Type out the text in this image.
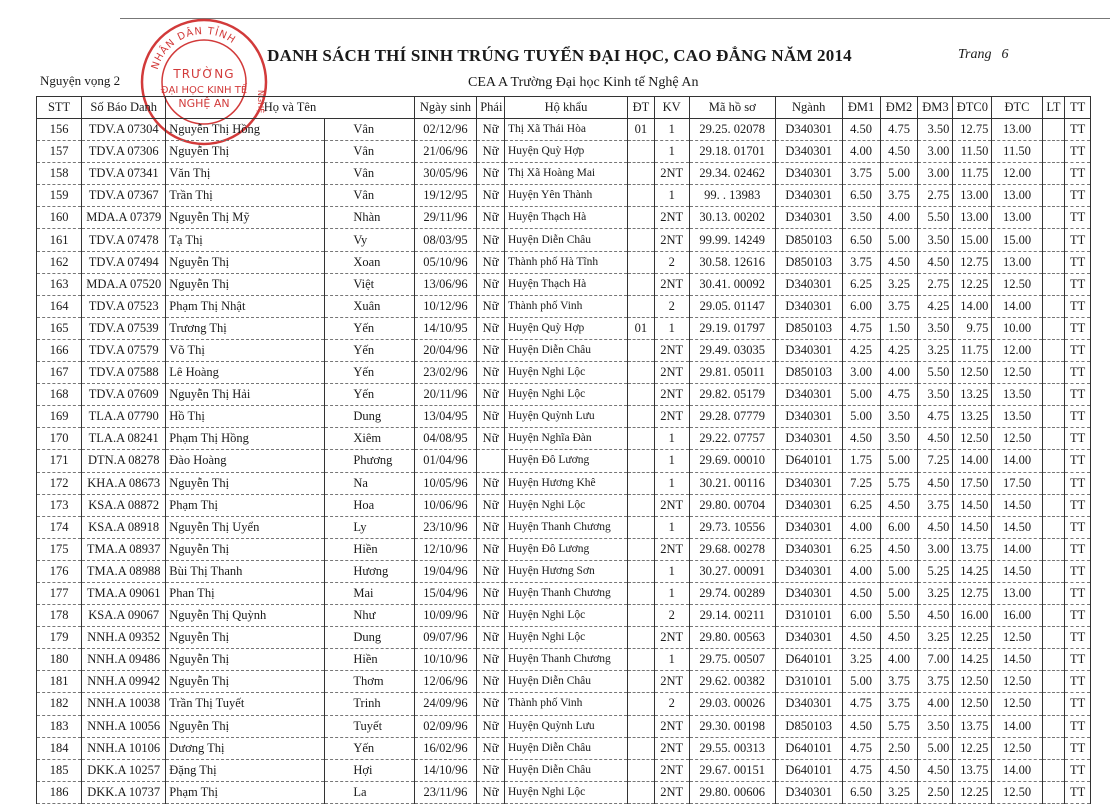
DANH SÁCH THÍ SINH TRÚNG TUYỂN ĐẠI HỌC, CAO ĐẲNG NĂM 2014	Trang 6
Nguyện vọng 2	CEA A Trường Đại học Kinh tế Nghệ An
NHÂN DÂN TỈNH
TRƯỜNG
ĐẠI HỌC KINH TẾ
NGHỆ AN	NGHỆ
STT	Số Báo Danh	Họ và Tên		Ngày sinh	Phái	Hộ khẩu	ĐT	KV	Mã hồ sơ	Ngành	ĐM1	ĐM2	ĐM3	ĐTC0	ĐTC	LT	TT
156	TDV.A 07304	Nguyễn Thị Hồng	Vân	02/12/96	Nữ	Thị Xã Thái Hòa	01	1	29.25. 02078	D340301	4.50	4.75	3.50	12.75	13.00		TT
157	TDV.A 07306	Nguyễn Thị	Vân	21/06/96	Nữ	Huyện Quỳ Hợp		1	29.18. 01701	D340301	4.00	4.50	3.00	11.50	11.50		TT
158	TDV.A 07341	Văn Thị	Vân	30/05/96	Nữ	Thị Xã Hoàng Mai		2NT	29.34. 02462	D340301	3.75	5.00	3.00	11.75	12.00		TT
159	TDV.A 07367	Trần Thị	Vân	19/12/95	Nữ	Huyện Yên Thành		1	99. . 13983	D340301	6.50	3.75	2.75	13.00	13.00		TT
160	MDA.A 07379	Nguyễn Thị Mỹ	Nhàn	29/11/96	Nữ	Huyện Thạch Hà		2NT	30.13. 00202	D340301	3.50	4.00	5.50	13.00	13.00		TT
161	TDV.A 07478	Tạ Thị	Vy	08/03/95	Nữ	Huyện Diễn Châu		2NT	99.99. 14249	D850103	6.50	5.00	3.50	15.00	15.00		TT
162	TDV.A 07494	Nguyễn Thị	Xoan	05/10/96	Nữ	Thành phố Hà Tĩnh		2	30.58. 12616	D850103	3.75	4.50	4.50	12.75	13.00		TT
163	MDA.A 07520	Nguyễn Thị	Việt	13/06/96	Nữ	Huyện Thạch Hà		2NT	30.41. 00092	D340301	6.25	3.25	2.75	12.25	12.50		TT
164	TDV.A 07523	Phạm Thị Nhật	Xuân	10/12/96	Nữ	Thành phố Vinh		2	29.05. 01147	D340301	6.00	3.75	4.25	14.00	14.00		TT
165	TDV.A 07539	Trương Thị	Yến	14/10/95	Nữ	Huyện Quỳ Hợp	01	1	29.19. 01797	D850103	4.75	1.50	3.50	9.75	10.00		TT
166	TDV.A 07579	Võ Thị	Yến	20/04/96	Nữ	Huyện Diễn Châu		2NT	29.49. 03035	D340301	4.25	4.25	3.25	11.75	12.00		TT
167	TDV.A 07588	Lê Hoàng	Yến	23/02/96	Nữ	Huyện Nghi Lộc		2NT	29.81. 05011	D850103	3.00	4.00	5.50	12.50	12.50		TT
168	TDV.A 07609	Nguyễn Thị Hải	Yến	20/11/96	Nữ	Huyện Nghi Lộc		2NT	29.82. 05179	D340301	5.00	4.75	3.50	13.25	13.50		TT
169	TLA.A 07790	Hồ Thị	Dung	13/04/95	Nữ	Huyện Quỳnh Lưu		2NT	29.28. 07779	D340301	5.00	3.50	4.75	13.25	13.50		TT
170	TLA.A 08241	Phạm Thị Hồng	Xiêm	04/08/95	Nữ	Huyện Nghĩa Đàn		1	29.22. 07757	D340301	4.50	3.50	4.50	12.50	12.50		TT
171	DTN.A 08278	Đào Hoàng	Phương	01/04/96		Huyện Đô Lương		1	29.69. 00010	D640101	1.75	5.00	7.25	14.00	14.00		TT
172	KHA.A 08673	Nguyễn Thị	Na	10/05/96	Nữ	Huyện Hương Khê		1	30.21. 00116	D340301	7.25	5.75	4.50	17.50	17.50		TT
173	KSA.A 08872	Phạm Thị	Hoa	10/06/96	Nữ	Huyện Nghi Lộc		2NT	29.80. 00704	D340301	6.25	4.50	3.75	14.50	14.50		TT
174	KSA.A 08918	Nguyễn Thị Uyển	Ly	23/10/96	Nữ	Huyện Thanh Chương		1	29.73. 10556	D340301	4.00	6.00	4.50	14.50	14.50		TT
175	TMA.A 08937	Nguyễn Thị	Hiền	12/10/96	Nữ	Huyện Đô Lương		2NT	29.68. 00278	D340301	6.25	4.50	3.00	13.75	14.00		TT
176	TMA.A 08988	Bùi Thị Thanh	Hương	19/04/96	Nữ	Huyện Hương Sơn		1	30.27. 00091	D340301	4.00	5.00	5.25	14.25	14.50		TT
177	TMA.A 09061	Phan Thị	Mai	15/04/96	Nữ	Huyện Thanh Chương		1	29.74. 00289	D340301	4.50	5.00	3.25	12.75	13.00		TT
178	KSA.A 09067	Nguyễn Thị Quỳnh	Như	10/09/96	Nữ	Huyện Nghi Lộc		2	29.14. 00211	D310101	6.00	5.50	4.50	16.00	16.00		TT
179	NNH.A 09352	Nguyễn Thị	Dung	09/07/96	Nữ	Huyện Nghi Lộc		2NT	29.80. 00563	D340301	4.50	4.50	3.25	12.25	12.50		TT
180	NNH.A 09486	Nguyễn Thị	Hiền	10/10/96	Nữ	Huyện Thanh Chương		1	29.75. 00507	D640101	3.25	4.00	7.00	14.25	14.50		TT
181	NNH.A 09942	Nguyễn Thị	Thơm	12/06/96	Nữ	Huyện Diễn Châu		2NT	29.62. 00382	D310101	5.00	3.75	3.75	12.50	12.50		TT
182	NNH.A 10038	Trần Thị Tuyết	Trinh	24/09/96	Nữ	Thành phố Vinh		2	29.03. 00026	D340301	4.75	3.75	4.00	12.50	12.50		TT
183	NNH.A 10056	Nguyễn Thị	Tuyết	02/09/96	Nữ	Huyện Quỳnh Lưu		2NT	29.30. 00198	D850103	4.50	5.75	3.50	13.75	14.00		TT
184	NNH.A 10106	Dương Thị	Yến	16/02/96	Nữ	Huyện Diễn Châu		2NT	29.55. 00313	D640101	4.75	2.50	5.00	12.25	12.50		TT
185	DKK.A 10257	Đặng Thị	Hợi	14/10/96	Nữ	Huyện Diễn Châu		2NT	29.67. 00151	D640101	4.75	4.50	4.50	13.75	14.00		TT
186	DKK.A 10737	Phạm Thị	La	23/11/96	Nữ	Huyện Nghi Lộc		2NT	29.80. 00606	D340301	6.50	3.25	2.50	12.25	12.50		TT
